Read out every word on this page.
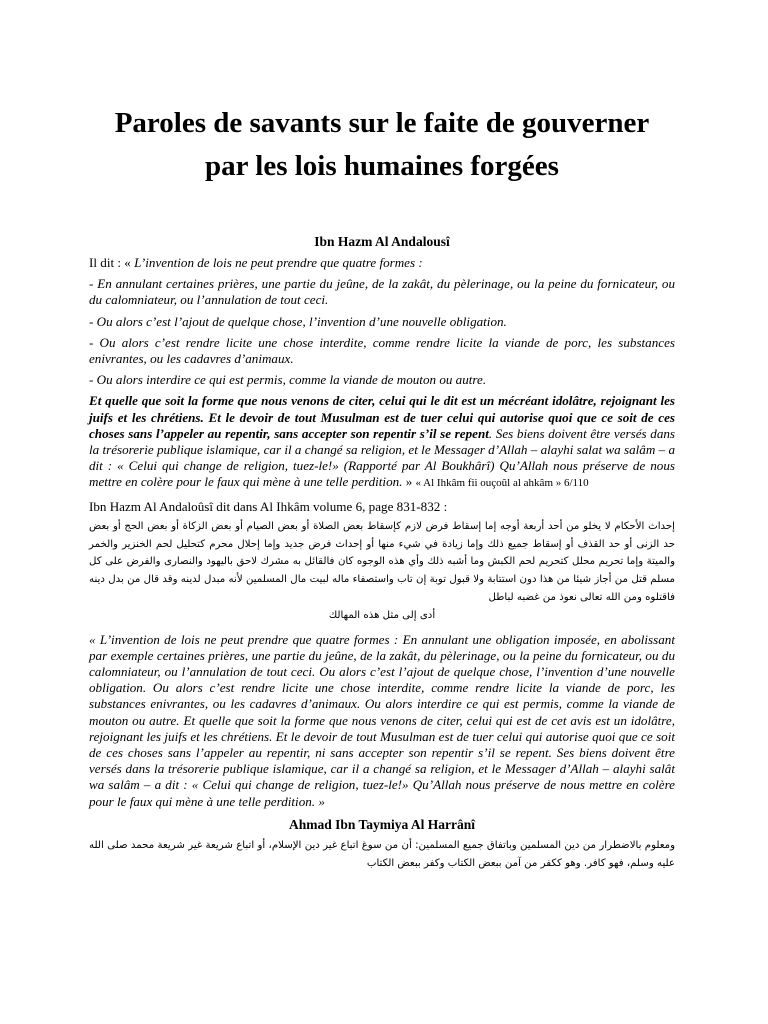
Paroles de savants sur le faite de gouverner
par les lois humaines forgées
Ibn Hazm Al Andalousî

Il dit : « L’invention de lois ne peut prendre que quatre formes :

- En annulant certaines prières, une partie du jeûne, de la zakât, du pèlerinage, ou la peine du fornicateur, ou du calomniateur, ou l’annulation de tout ceci.

- Ou alors c’est l’ajout de quelque chose, l’invention d’une nouvelle obligation.

- Ou alors c’est rendre licite une chose interdite, comme rendre licite la viande de porc, les substances enivrantes, ou les cadavres d’animaux.

- Ou alors interdire ce qui est permis, comme la viande de mouton ou autre.

Et quelle que soit la forme que nous venons de citer, celui qui le dit est un mécréant idolâtre, rejoignant les juifs et les chrétiens. Et le devoir de tout Musulman est de tuer celui qui autorise quoi que ce soit de ces choses sans l’appeler au repentir, sans accepter son repentir s’il se repent. Ses biens doivent être versés dans la trésorerie publique islamique, car il a changé sa religion, et le Messager d’Allah – alayhi salat wa salâm – a dit : « Celui qui change de religion, tuez-le!» (Rapporté par Al Boukhârî) Qu’Allah nous préserve de nous mettre en colère pour le faux qui mène à une telle perdition. » « Al Ihkâm fii ouçoûl al ahkâm » 6/110

Ibn Hazm Al Andaloûsî dit dans Al Ihkâm volume 6, page 831-832 :

إحداث الأحكام لا يخلو من أحد أربعة أوجه إما إسقاط فرض لازم كإسقاط بعض الصلاة أو بعض الصيام أو بعض الزكاة أو بعض الحج أو بعض حد الزنى أو حد القذف أو إسقاط جميع ذلك وإما زيادة في شيء منها أو إحداث فرض جديد وإما إحلال محرم كتحليل لحم الخنزير والخمر والميتة وإما تحريم محلل كتحريم لحم الكبش وما أشبه ذلك وأي هذه الوجوه كان فالقائل به مشرك لاحق باليهود والنصارى والفرض على كل مسلم قتل من أجاز شيئا من هذا دون استتابة ولا قبول توبة إن تاب واستصفاء ماله لبيت مال المسلمين لأنه مبدل لدينه وقد قال من بدل دينه فاقتلوه ومن الله تعالى نعوذ من غضبه لباطل
أدى إلى مثل هذه المهالك

« L’invention de lois ne peut prendre que quatre formes : En annulant une obligation imposée, en abolissant par exemple certaines prières, une partie du jeûne, de la zakât, du pèlerinage, ou la peine du fornicateur, ou du calomniateur, ou l’annulation de tout ceci. Ou alors c’est l’ajout de quelque chose, l’invention d’une nouvelle obligation. Ou alors c’est rendre licite une chose interdite, comme rendre licite la viande de porc, les substances enivrantes, ou les cadavres d’animaux. Ou alors interdire ce qui est permis, comme la viande de mouton ou autre. Et quelle que soit la forme que nous venons de citer, celui qui est de cet avis est un idolâtre, rejoignant les juifs et les chrétiens. Et le devoir de tout Musulman est de tuer celui qui autorise quoi que ce soit de ces choses sans l’appeler au repentir, ni sans accepter son repentir s’il se repent. Ses biens doivent être versés dans la trésorerie publique islamique, car il a changé sa religion, et le Messager d’Allah – alayhi salât wa salâm – a dit : « Celui qui change de religion, tuez-le!» Qu’Allah nous préserve de nous mettre en colère pour le faux qui mène à une telle perdition. »

Ahmad Ibn Taymiya Al Harrânî
ومعلوم بالاضطرار من دين المسلمين وباتفاق جميع المسلمين: أن من سوغ اتباع غير دين الإسلام، أو اتباع شريعة غير شريعة محمد صلى الله عليه وسلم، فهو كافر. وهو ككفر من آمن ببعض الكتاب وكفر ببعض الكتاب
